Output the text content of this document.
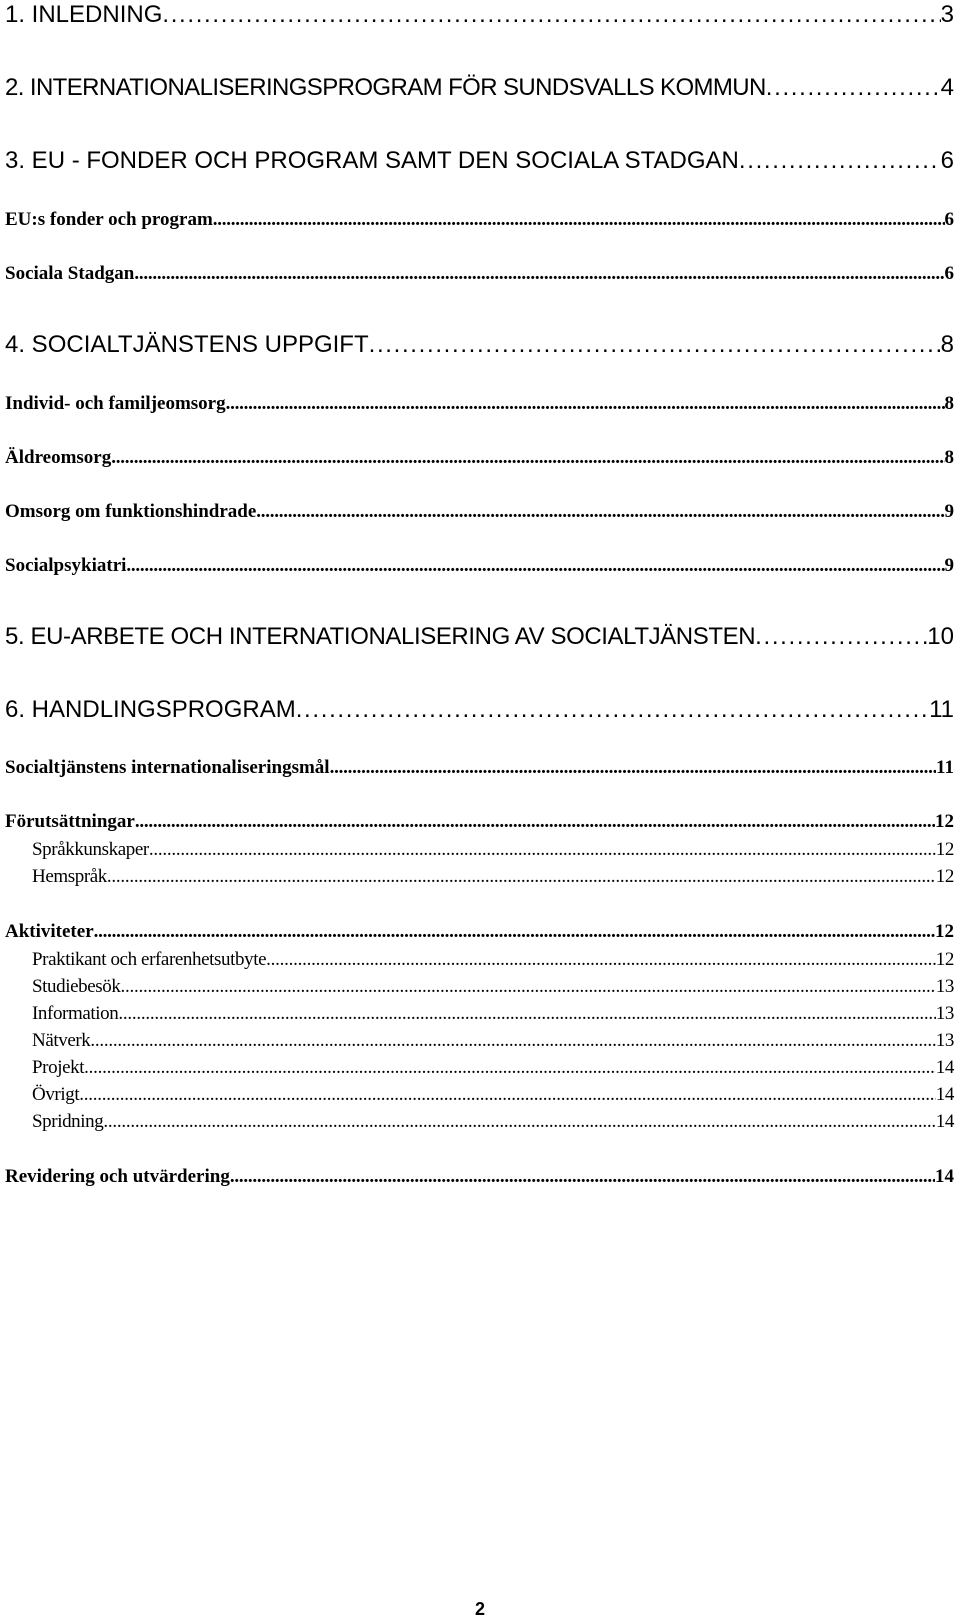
1. INLEDNING . . .	3
2. INTERNATIONALISERINGSPROGRAM FÖR SUNDSVALLS KOMMUN . . .	4
3. EU - FONDER OCH PROGRAM SAMT DEN SOCIALA STADGAN . . .	6
EU:s fonder och program . . .	6
Sociala Stadgan . . .	6
4. SOCIALTJÄNSTENS UPPGIFT . . .	8
Individ- och familjeomsorg . . .	8
Äldreomsorg . . .	8
Omsorg om funktionshindrade . . .	9
Socialpsykiatri . . .	9
5. EU-ARBETE OCH INTERNATIONALISERING AV SOCIALTJÄNSTEN . . .	10
6. HANDLINGSPROGRAM . . .	11
Socialtjänstens internationaliseringsmål . . .	11
Förutsättningar . . .	12
Språkkunskaper . . .	12
Hemspråk . . .	12
Aktiviteter . . .	12
Praktikant och erfarenhetsutbyte . . .	12
Studiebesök . . .	13
Information . . .	13
Nätverk . . .	13
Projekt . . .	14
Övrigt . . .	14
Spridning . . .	14
Revidering och utvärdering . . .	14
2
